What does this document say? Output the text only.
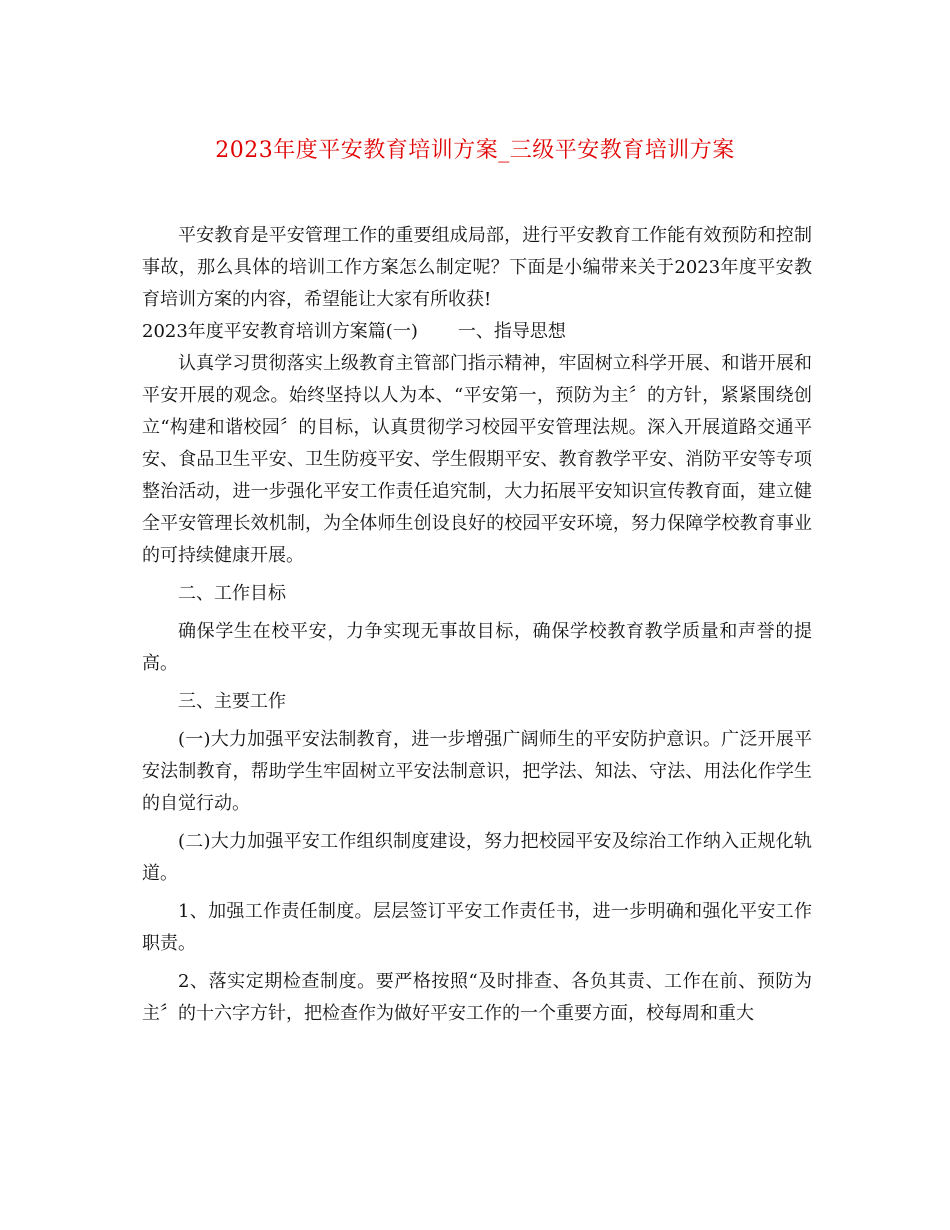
2023年度平安教育培训方案_三级平安教育培训方案

平安教育是平安管理工作的重要组成局部，进行平安教育工作能有效预防和控制事故，那么具体的培训工作方案怎么制定呢？下面是小编带来关于2023年度平安教育培训方案的内容，希望能让大家有所收获!

2023年度平安教育培训方案篇(一) 一、指导思想

认真学习贯彻落实上级教育主管部门指示精神，牢固树立科学开展、和谐开展和平安开展的观念。始终坚持以人为本、“平安第一，预防为主〞的方针，紧紧围绕创立“构建和谐校园〞的目标，认真贯彻学习校园平安管理法规。深入开展道路交通平安、食品卫生平安、卫生防疫平安、学生假期平安、教育教学平安、消防平安等专项整治活动，进一步强化平安工作责任追究制，大力拓展平安知识宣传教育面，建立健全平安管理长效机制，为全体师生创设良好的校园平安环境，努力保障学校教育事业的可持续健康开展。

二、工作目标

确保学生在校平安，力争实现无事故目标，确保学校教育教学质量和声誉的提高。

三、主要工作

(一)大力加强平安法制教育，进一步增强广阔师生的平安防护意识。广泛开展平安法制教育，帮助学生牢固树立平安法制意识，把学法、知法、守法、用法化作学生的自觉行动。

(二)大力加强平安工作组织制度建设，努力把校园平安及综治工作纳入正规化轨道。

1、加强工作责任制度。层层签订平安工作责任书，进一步明确和强化平安工作职责。

2、落实定期检查制度。要严格按照“及时排查、各负其责、工作在前、预防为主〞的十六字方针，把检查作为做好平安工作的一个重要方面，校每周和重大
